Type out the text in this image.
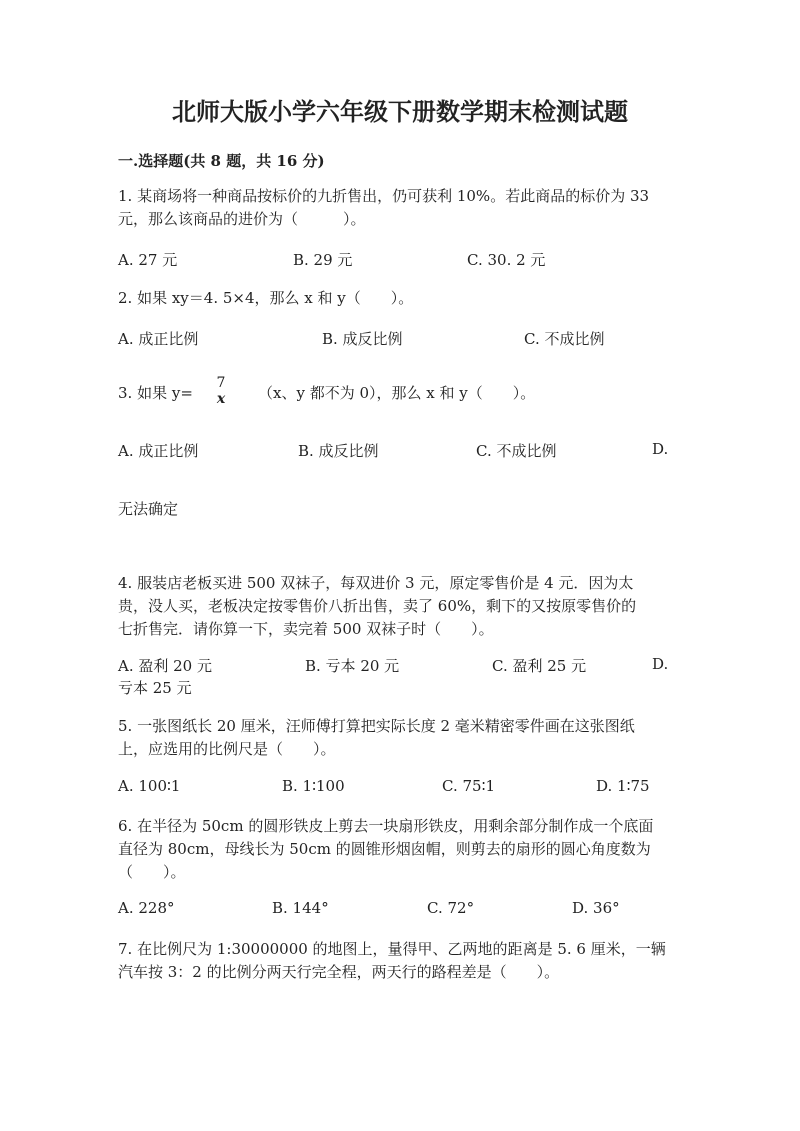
北师大版小学六年级下册数学期末检测试题
一.选择题(共 8 题，共 16 分)
1. 某商场将一种商品按标价的九折售出，仍可获利 10%。若此商品的标价为 33
元，那么该商品的进价为（　　　）。
A. 27 元	B. 29 元	C. 30. 2 元
2. 如果 xy＝4. 5×4，那么 x 和 y（　　）。
A. 成正比例	B. 成反比例	C. 不成比例
3. 如果 y=
7
x （x、y 都不为 0），那么 x 和 y（　　）。
A. 成正比例	B. 成反比例	C. 不成比例	D.
无法确定
4. 服装店老板买进 500 双袜子，每双进价 3 元，原定零售价是 4 元．因为太
贵，没人买，老板决定按零售价八折出售，卖了 60%，剩下的又按原零售价的
七折售完．请你算一下，卖完着 500 双袜子时（　　）。
A. 盈利 20 元	B. 亏本 20 元	C. 盈利 25 元	D.
亏本 25 元
5. 一张图纸长 20 厘米，汪师傅打算把实际长度 2 毫米精密零件画在这张图纸
上，应选用的比例尺是（　　）。
A. 100∶1	B. 1∶100	C. 75∶1	D. 1∶75
6. 在半径为 50cm 的圆形铁皮上剪去一块扇形铁皮，用剩余部分制作成一个底面
直径为 80cm，母线长为 50cm 的圆锥形烟囱帽，则剪去的扇形的圆心角度数为
（　　）。
A. 228°	B. 144°	C. 72°	D. 36°
7. 在比例尺为 1:30000000 的地图上，量得甲、乙两地的距离是 5. 6 厘米，一辆
汽车按 3：2 的比例分两天行完全程，两天行的路程差是（　　）。
